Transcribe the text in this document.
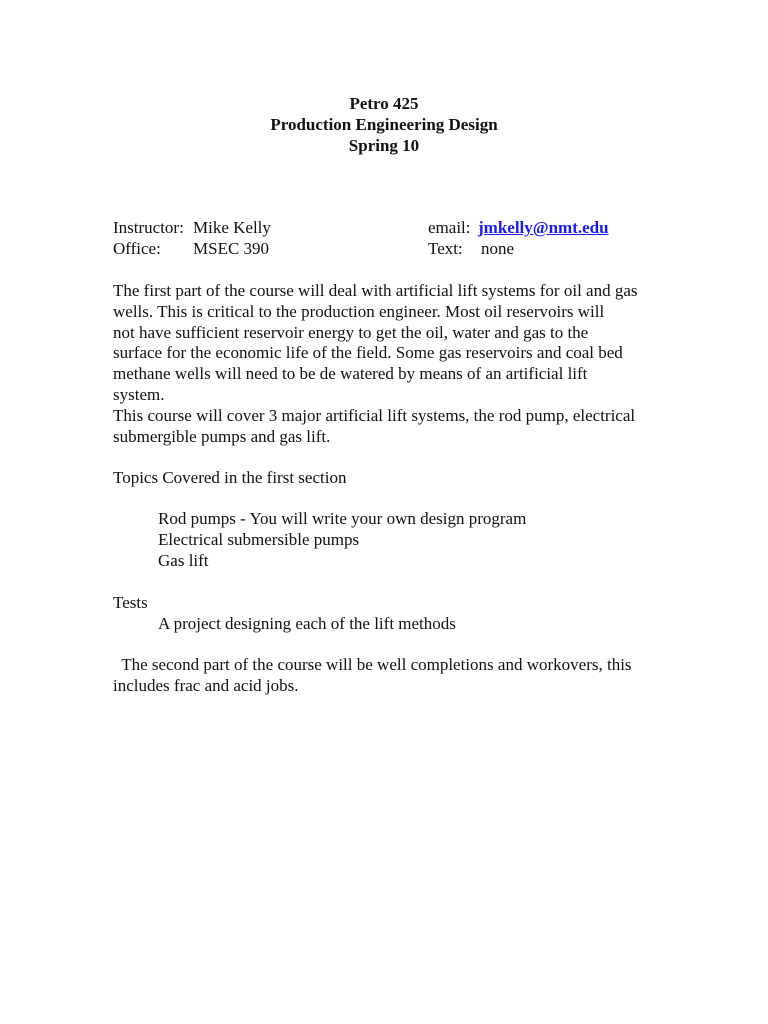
Petro 425
Production Engineering Design
Spring 10
Instructor: Mike Kelly	email: jmkelly@nmt.edu
Office: MSEC 390	Text: none
The first part of the course will deal with artificial lift systems for oil and gas
wells. This is critical to the production engineer. Most oil reservoirs will
not have sufficient reservoir energy to get the oil, water and gas to the
surface for the economic life of the field. Some gas reservoirs and coal bed
methane wells will need to be de watered by means of an artificial lift
system.
This course will cover 3 major artificial lift systems, the rod pump, electrical
submergible pumps and gas lift.
Topics Covered in the first section
Rod pumps - You will write your own design program
Electrical submersible pumps
Gas lift
Tests
A project designing each of the lift methods
The second part of the course will be well completions and workovers, this
includes frac and acid jobs.
